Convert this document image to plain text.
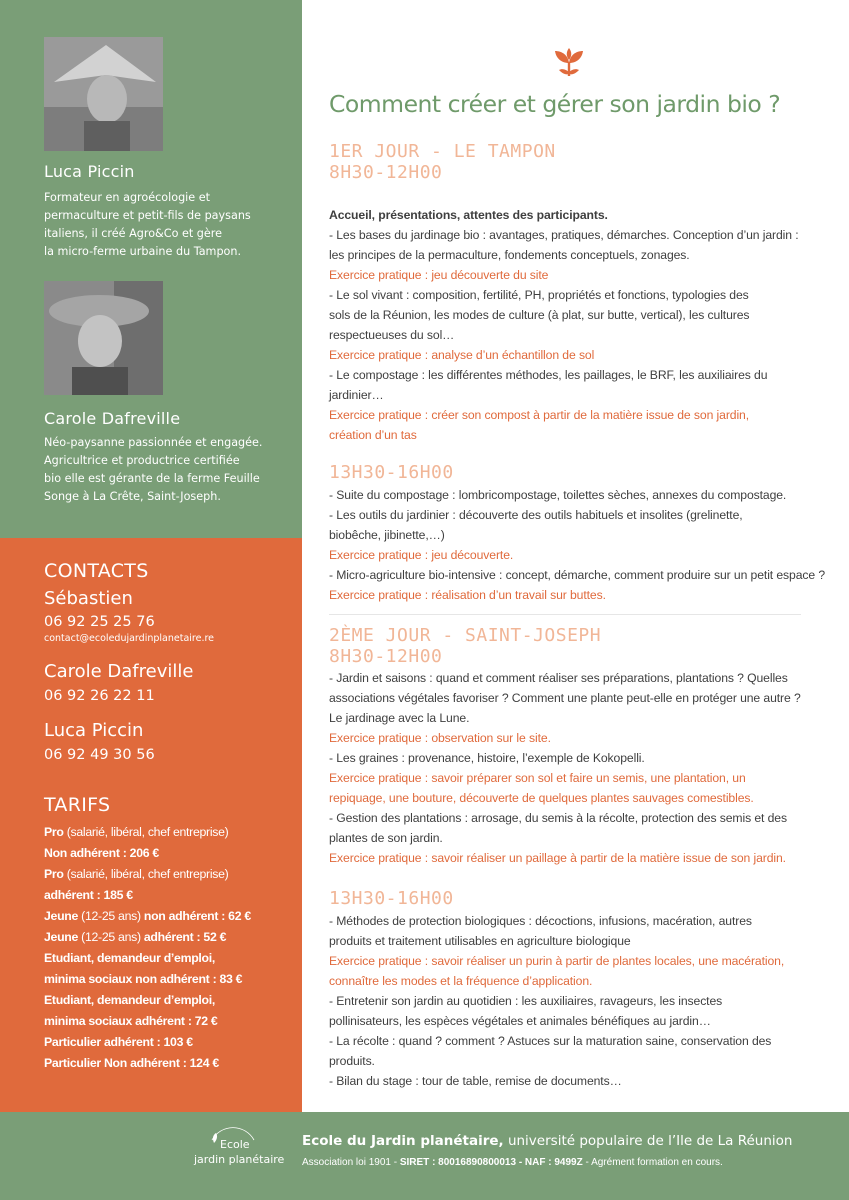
Luca Piccin
Formateur en agroécologie et
permaculture et petit-fils de paysans
italiens, il créé Agro&Co et gère
la micro-ferme urbaine du Tampon.
Carole Dafreville
Néo-paysanne passionnée et engagée.
Agricultrice et productrice certifiée
bio elle est gérante de la ferme Feuille
Songe à La Crête, Saint-Joseph.
CONTACTS
Sébastien
06 92 25 25 76
contact@ecoledujardinplanetaire.re
Carole Dafreville
06 92 26 22 11
Luca Piccin
06 92 49 30 56
TARIFS
Pro (salarié, libéral, chef entreprise)
Non adhérent : 206 €
Pro (salarié, libéral, chef entreprise)
adhérent : 185 €
Jeune (12-25 ans) non adhérent : 62 €
Jeune (12-25 ans) adhérent : 52 €
Etudiant, demandeur d’emploi,
minima sociaux non adhérent : 83 €
Etudiant, demandeur d’emploi,
minima sociaux adhérent : 72 €
Particulier adhérent : 103 €
Particulier Non adhérent : 124 €
Comment créer et gérer son jardin bio ?
1ER JOUR - LE TAMPON
8H30-12H00
Accueil, présentations, attentes des participants.
- Les bases du jardinage bio : avantages, pratiques, démarches. Conception d’un jardin :
les principes de la permaculture, fondements conceptuels, zonages.
Exercice pratique : jeu découverte du site
- Le sol vivant : composition, fertilité, PH, propriétés et fonctions, typologies des
sols de la Réunion, les modes de culture (à plat, sur butte, vertical), les cultures
respectueuses du sol…
Exercice pratique : analyse d’un échantillon de sol
- Le compostage : les différentes méthodes, les paillages, le BRF, les auxiliaires du
jardinier…
Exercice pratique : créer son compost à partir de la matière issue de son jardin,
création d’un tas
13H30-16H00
- Suite du compostage : lombricompostage, toilettes sèches, annexes du compostage.
- Les outils du jardinier : découverte des outils habituels et insolites (grelinette,
biobêche, jibinette,…)
Exercice pratique : jeu découverte.
- Micro-agriculture bio-intensive : concept, démarche, comment produire sur un petit espace ?
Exercice pratique : réalisation d’un travail sur buttes.
2ÈME JOUR - SAINT-JOSEPH
8H30-12H00
- Jardin et saisons : quand et comment réaliser ses préparations, plantations ? Quelles
associations végétales favoriser ? Comment une plante peut-elle en protéger une autre ?
Le jardinage avec la Lune.
Exercice pratique : observation sur le site.
- Les graines : provenance, histoire, l’exemple de Kokopelli.
Exercice pratique : savoir préparer son sol et faire un semis, une plantation, un
repiquage, une bouture, découverte de quelques plantes sauvages comestibles.
- Gestion des plantations : arrosage, du semis à la récolte, protection des semis et des
plantes de son jardin.
Exercice pratique : savoir réaliser un paillage à partir de la matière issue de son jardin.
13H30-16H00
- Méthodes de protection biologiques : décoctions, infusions, macération, autres
produits et traitement utilisables en agriculture biologique
Exercice pratique : savoir réaliser un purin à partir de plantes locales, une macération,
connaître les modes et la fréquence d’application.
- Entretenir son jardin au quotidien : les auxiliaires, ravageurs, les insectes
pollinisateurs, les espèces végétales et animales bénéfiques au jardin…
- La récolte : quand ? comment ? Astuces sur la maturation saine, conservation des
produits.
- Bilan du stage : tour de table, remise de documents…
Ecole
jardin planétaire
Ecole du Jardin planétaire, université populaire de l’Ile de La Réunion
Association loi 1901 - SIRET : 80016890800013 - NAF : 9499Z - Agrément formation en cours.
